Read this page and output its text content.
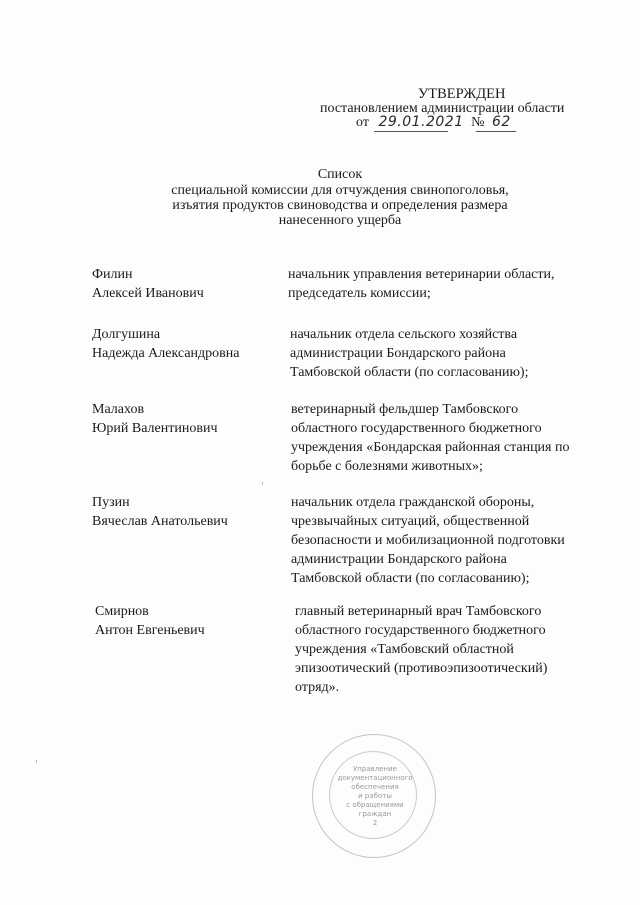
УТВЕРЖДЕН
постановлением администрации области
от 29.01.2021 № 62
Список
специальной комиссии для отчуждения свинопоголовья,
изъятия продуктов свиноводства и определения размера
нанесенного ущерба
Филин
Алексей Иванович
начальник управления ветеринарии области,
председатель комиссии;
Долгушина
Надежда Александровна
начальник отдела сельского хозяйства
администрации Бондарского района
Тамбовской области (по согласованию);
Малахов
Юрий Валентинович
ветеринарный фельдшер Тамбовского
областного государственного бюджетного
учреждения «Бондарская районная станция по
борьбе с болезнями животных»;
Пузин
Вячеслав Анатольевич
начальник отдела гражданской обороны,
чрезвычайных ситуаций, общественной
безопасности и мобилизационной подготовки
администрации Бондарского района
Тамбовской области (по согласованию);
Смирнов
Антон Евгеньевич
главный ветеринарный врач Тамбовского
областного государственного бюджетного
учреждения «Тамбовский областной
эпизоотический (противоэпизоотический)
отряд».
Управление
документационного
обеспечения
и работы
с обращениями
граждан
2
